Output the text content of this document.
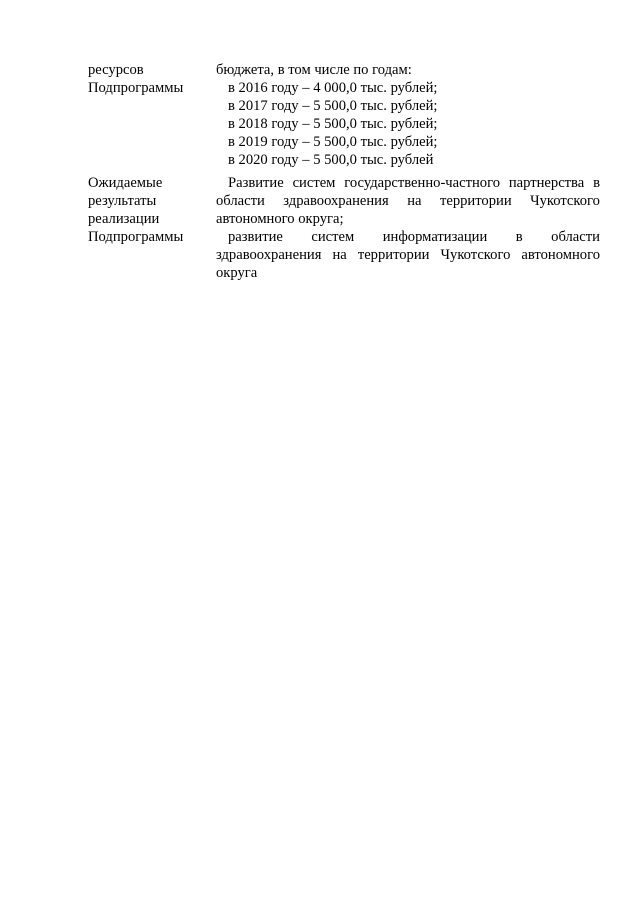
ресурсов
Подпрограммы
бюджета, в том числе по годам:
в 2016 году – 4 000,0 тыс. рублей;
в 2017 году – 5 500,0 тыс. рублей;
в 2018 году – 5 500,0 тыс. рублей;
в 2019 году – 5 500,0 тыс. рублей;
в 2020 году – 5 500,0 тыс. рублей
Ожидаемые
результаты
реализации
Подпрограммы
Развитие систем государственно-частного партнерства в
области здравоохранения на территории Чукотского
автономного округа;
развитие систем информатизации в области
здравоохранения на территории Чукотского автономного
округа
